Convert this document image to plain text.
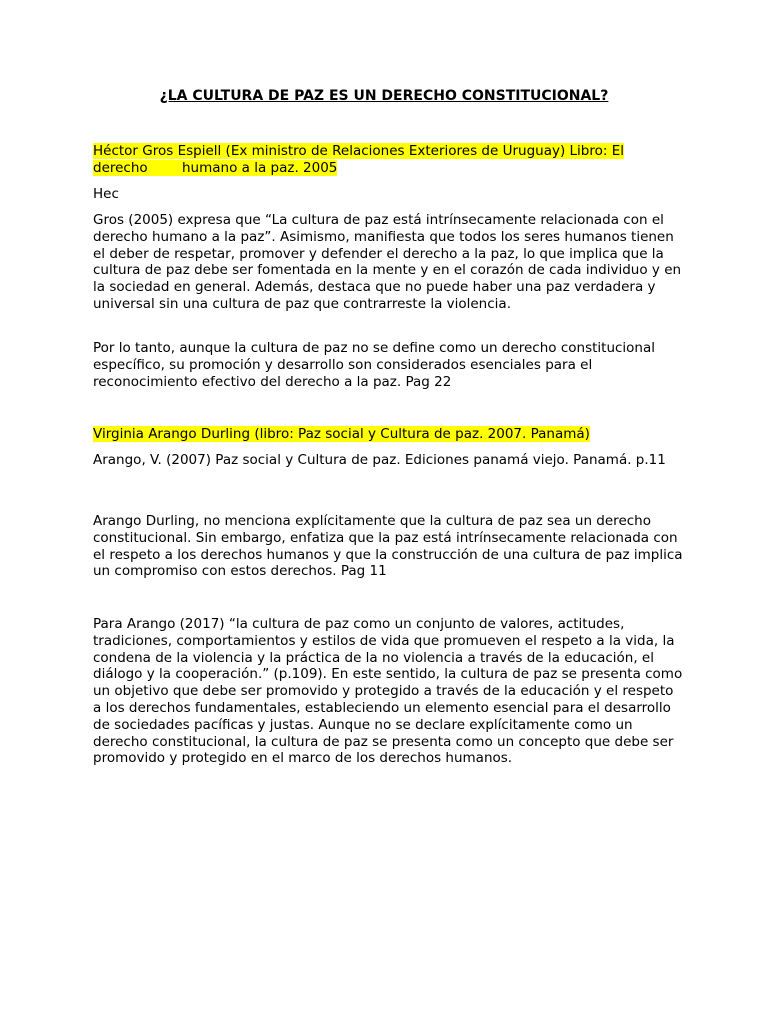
¿LA CULTURA DE PAZ ES UN DERECHO CONSTITUCIONAL?

Héctor Gros Espiell (Ex ministro de Relaciones Exteriores de Uruguay) Libro: El
derecho        humano a la paz. 2005

Hec

Gros (2005) expresa que “La cultura de paz está intrínsecamente relacionada con el derecho humano a la paz”. Asimismo, manifiesta que todos los seres humanos tienen el deber de respetar, promover y defender el derecho a la paz, lo que implica que la cultura de paz debe ser fomentada en la mente y en el corazón de cada individuo y en la sociedad en general. Además, destaca que no puede haber una paz verdadera y universal sin una cultura de paz que contrarreste la violencia.

Por lo tanto, aunque la cultura de paz no se define como un derecho constitucional específico, su promoción y desarrollo son considerados esenciales para el reconocimiento efectivo del derecho a la paz. Pag 22

Virginia Arango Durling (libro: Paz social y Cultura de paz. 2007. Panamá)

Arango, V. (2007) Paz social y Cultura de paz. Ediciones panamá viejo. Panamá. p.11

Arango Durling, no menciona explícitamente que la cultura de paz sea un derecho constitucional. Sin embargo, enfatiza que la paz está intrínsecamente relacionada con el respeto a los derechos humanos y que la construcción de una cultura de paz implica un compromiso con estos derechos. Pag 11

Para Arango (2017) “la cultura de paz como un conjunto de valores, actitudes, tradiciones, comportamientos y estilos de vida que promueven el respeto a la vida, la condena de la violencia y la práctica de la no violencia a través de la educación, el diálogo y la cooperación.” (p.109). En este sentido, la cultura de paz se presenta como un objetivo que debe ser promovido y protegido a través de la educación y el respeto a los derechos fundamentales, estableciendo un elemento esencial para el desarrollo de sociedades pacíficas y justas. Aunque no se declare explícitamente como un derecho constitucional, la cultura de paz se presenta como un concepto que debe ser promovido y protegido en el marco de los derechos humanos.
